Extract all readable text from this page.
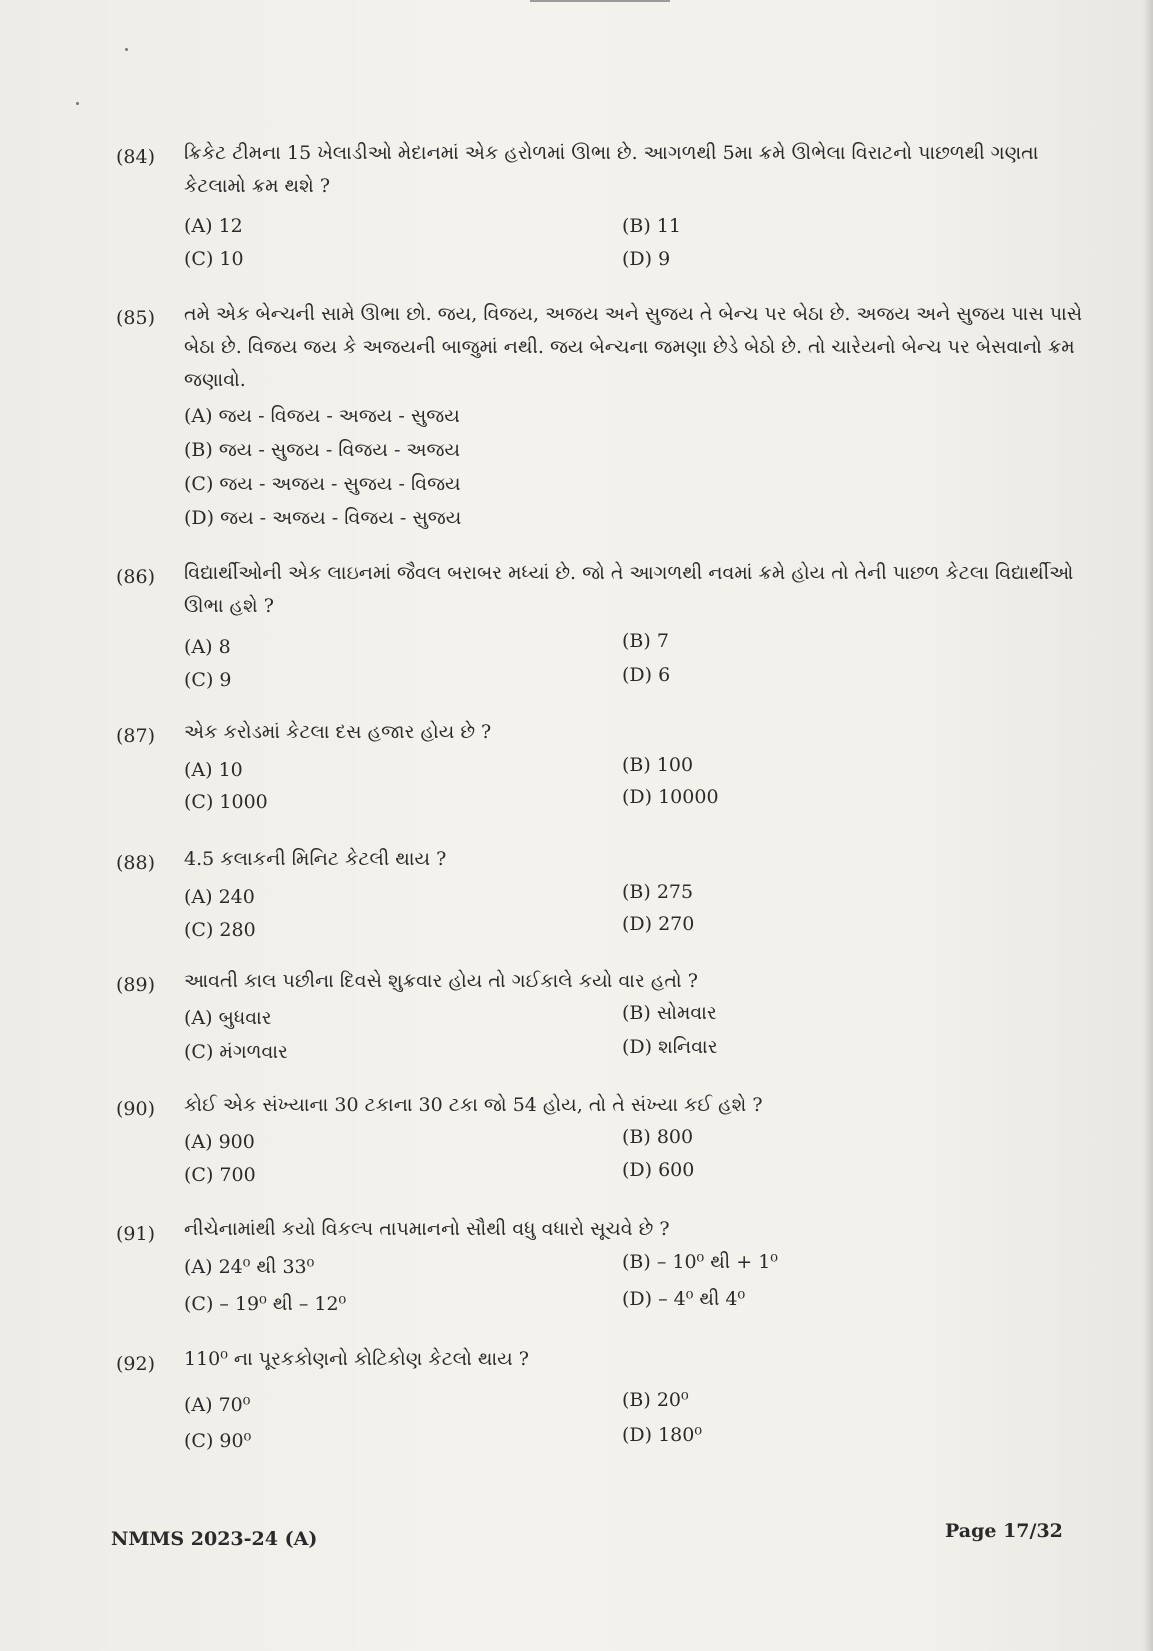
(84) ક્રિકેટ ટીમના 15 ખેલાડીઓ મેદાનમાં એક હરોળમાં ઊભા છે. આગળથી 5મા ક્રમે ઊભેલા વિરાટનો પાછળથી ગણતા કેટલામો ક્રમ થશે ?
(A) 12	(B) 11
(C) 10	(D) 9
(85) તમે એક બેન્ચની સામે ઊભા છો. જય, વિજય, અજય અને સુજય તે બેન્ચ પર બેઠા છે. અજય અને સુજય પાસ પાસે બેઠા છે. વિજય જય કે અજયની બાજુમાં નથી. જય બેન્ચના જમણા છેડે બેઠો છે. તો ચારેયનો બેન્ચ પર બેસવાનો ક્રમ જણાવો.
(A) જય - વિજય - અજય - સુજય
(B) જય - સુજય - વિજય - અજય
(C) જય - અજય - સુજય - વિજય
(D) જય - અજય - વિજય - સુજય
(86) વિદ્યાર્થીઓની એક લાઇનમાં જૈવલ બરાબર મધ્યાં છે. જો તે આગળથી નવમાં ક્રમે હોય તો તેની પાછળ કેટલા વિદ્યાર્થીઓ ઊભા હશે ?
(A) 8	(B) 7
(C) 9	(D) 6
(87) એક કરોડમાં કેટલા દસ હજાર હોય છે ?
(A) 10	(B) 100
(C) 1000	(D) 10000
(88) 4.5 કલાકની મિનિટ કેટલી થાય ?
(A) 240	(B) 275
(C) 280	(D) 270
(89) આવતી કાલ પછીના દિવસે શુક્રવાર હોય તો ગઈકાલે કયો વાર હતો ?
(A) બુધવાર	(B) સોમવાર
(C) મંગળવાર	(D) શનિવાર
(90) કોઈ એક સંખ્યાના 30 ટકાના 30 ટકા જો 54 હોય, તો તે સંખ્યા કઈ હશે ?
(A) 900	(B) 800
(C) 700	(D) 600
(91) નીચેનામાંથી કયો વિકલ્પ તાપમાનનો સૌથી વધુ વધારો સૂચવે છે ?
(A) 24⁰ થી 33⁰	(B) – 10⁰ થી + 1⁰
(C) – 19⁰ થી – 12⁰	(D) – 4⁰ થી 4⁰
(92) 110⁰ ના પૂરકકોણનો કોટિકોણ કેટલો થાય ?
(A) 70⁰	(B) 20⁰
(C) 90⁰	(D) 180⁰
NMMS 2023-24 (A)	Page 17/32
